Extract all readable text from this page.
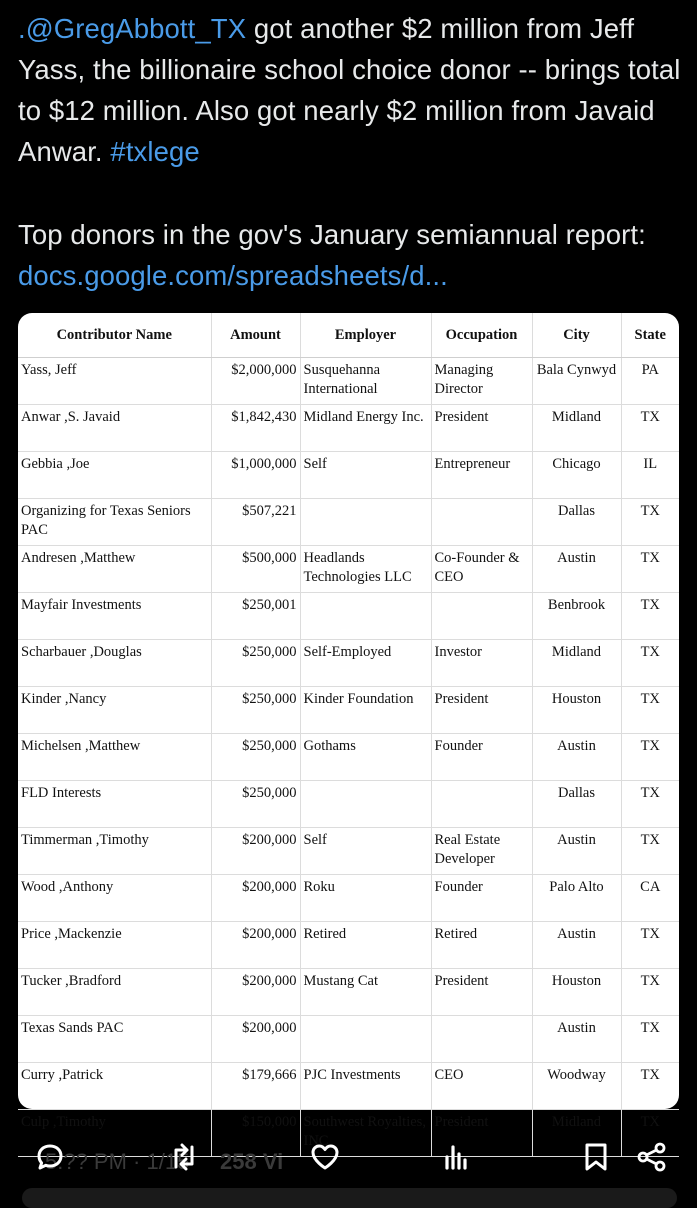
.@GregAbbott_TX got another $2 million from Jeff Yass, the billionaire school choice donor -- brings total to $12 million. Also got nearly $2 million from Javaid Anwar. #txlege

Top donors in the gov's January semiannual report: docs.google.com/spreadsheets/d...

Contributor Name	Amount	Employer	Occupation	City	State
Yass, Jeff	$2,000,000	Susquehanna International	Managing Director	Bala Cynwyd	PA
Anwar ,S. Javaid	$1,842,430	Midland Energy Inc.	President	Midland	TX
Gebbia ,Joe	$1,000,000	Self	Entrepreneur	Chicago	IL
Organizing for Texas Seniors PAC	$507,221			Dallas	TX
Andresen ,Matthew	$500,000	Headlands Technologies LLC	Co-Founder & CEO	Austin	TX
Mayfair Investments	$250,001			Benbrook	TX
Scharbauer ,Douglas	$250,000	Self-Employed	Investor	Midland	TX
Kinder ,Nancy	$250,000	Kinder Foundation	President	Houston	TX
Michelsen ,Matthew	$250,000	Gothams	Founder	Austin	TX
FLD Interests	$250,000			Dallas	TX
Timmerman ,Timothy	$200,000	Self	Real Estate Developer	Austin	TX
Wood ,Anthony	$200,000	Roku	Founder	Palo Alto	CA
Price ,Mackenzie	$200,000	Retired	Retired	Austin	TX
Tucker ,Bradford	$200,000	Mustang Cat	President	Houston	TX
Texas Sands PAC	$200,000			Austin	TX
Curry ,Patrick	$179,666	PJC Investments	CEO	Woodway	TX
Culp ,Timothy	$150,000	Southwest Royalties, INC	President	Midland	TX
5:?? PM · 1/15 258 Vi
